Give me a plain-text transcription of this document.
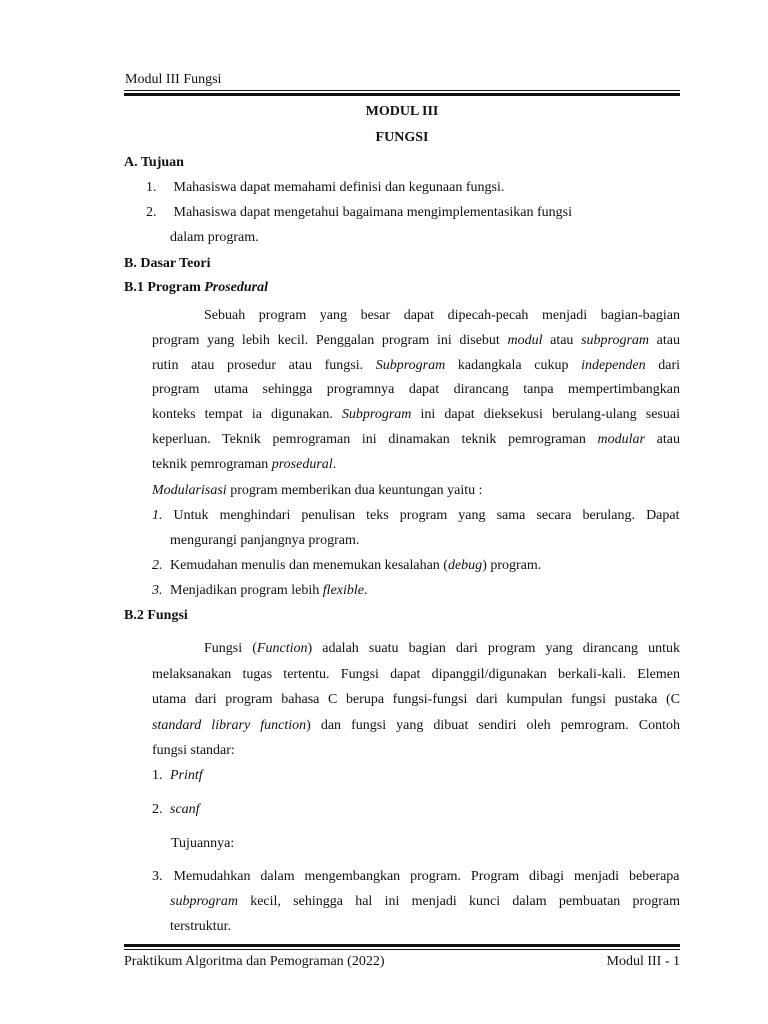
Modul III Fungsi
MODUL III
FUNGSI
A. Tujuan
1. Mahasiswa dapat memahami definisi dan kegunaan fungsi.
2. Mahasiswa dapat mengetahui bagaimana mengimplementasikan fungsi
dalam program.
B. Dasar Teori
B.1 Program Prosedural
Sebuah program yang besar dapat dipecah-pecah menjadi bagian-bagian
program yang lebih kecil. Penggalan program ini disebut modul atau subprogram atau
rutin atau prosedur atau fungsi. Subprogram kadangkala cukup independen dari
program utama sehingga programnya dapat dirancang tanpa mempertimbangkan
konteks tempat ia digunakan. Subprogram ini dapat dieksekusi berulang-ulang sesuai
keperluan. Teknik pemrograman ini dinamakan teknik pemrograman modular atau
teknik pemrograman prosedural.
Modularisasi program memberikan dua keuntungan yaitu :
1. Untuk menghindari penulisan teks program yang sama secara berulang. Dapat
mengurangi panjangnya program.
2. Kemudahan menulis dan menemukan kesalahan (debug) program.
3. Menjadikan program lebih flexible.
B.2 Fungsi
Fungsi (Function) adalah suatu bagian dari program yang dirancang untuk
melaksanakan tugas tertentu. Fungsi dapat dipanggil/digunakan berkali-kali. Elemen
utama dari program bahasa C berupa fungsi-fungsi dari kumpulan fungsi pustaka (C
standard library function) dan fungsi yang dibuat sendiri oleh pemrogram. Contoh
fungsi standar:
1. Printf
2. scanf
Tujuannya:
3. Memudahkan dalam mengembangkan program. Program dibagi menjadi beberapa
subprogram kecil, sehingga hal ini menjadi kunci dalam pembuatan program
terstruktur.
Praktikum Algoritma dan Pemograman (2022)	Modul III - 1
